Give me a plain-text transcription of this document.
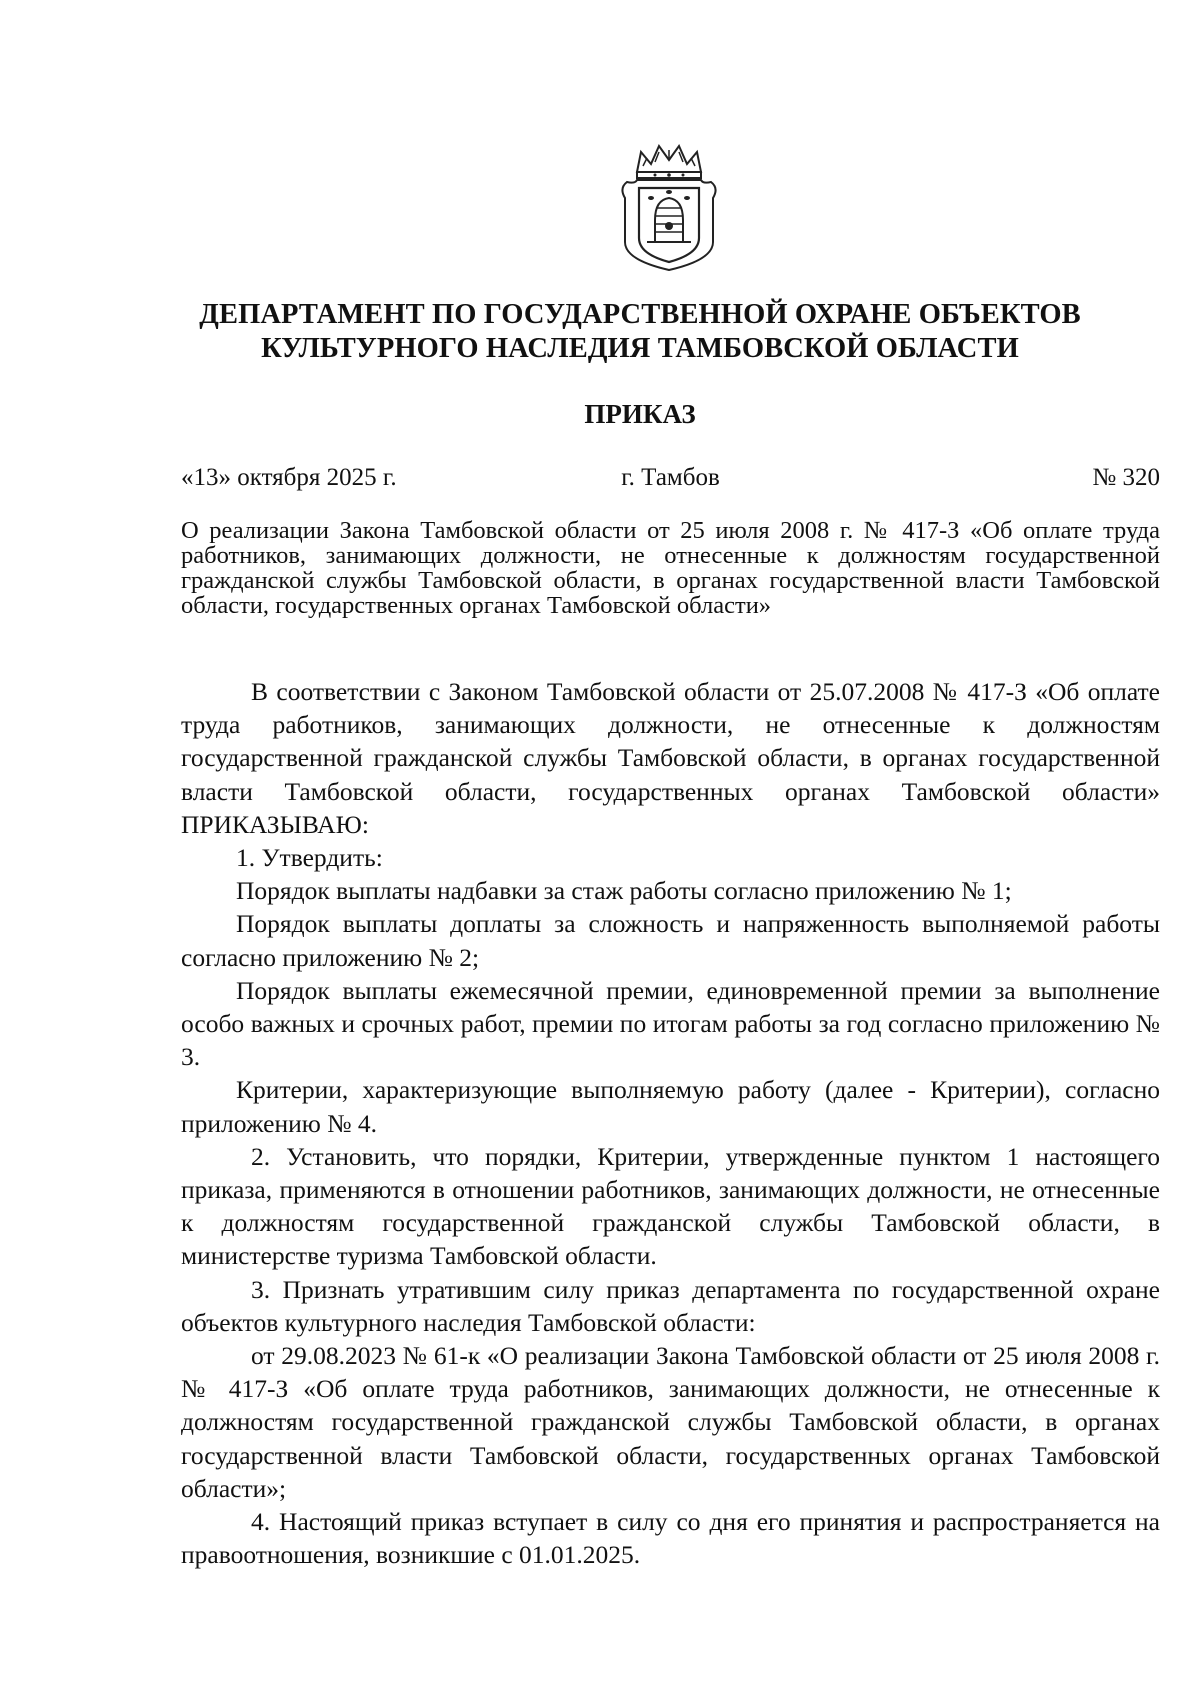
ДЕПАРТАМЕНТ ПО ГОСУДАРСТВЕННОЙ ОХРАНЕ ОБЪЕКТОВ
КУЛЬТУРНОГО НАСЛЕДИЯ ТАМБОВСКОЙ ОБЛАСТИ
ПРИКАЗ
г. Тамбов
«13» октября 2025 г.	№ 320
О реализации Закона Тамбовской области от 25 июля 2008 г. № 417-З «Об оплате труда работников, занимающих должности, не отнесенные к должностям государственной гражданской службы Тамбовской области, в органах государственной власти Тамбовской области, государственных органах Тамбовской области»

В соответствии с Законом Тамбовской области от 25.07.2008 № 417-З «Об оплате труда работников, занимающих должности, не отнесенные к должностям государственной гражданской службы Тамбовской области, в органах государственной власти Тамбовской области, государственных органах Тамбовской области» ПРИКАЗЫВАЮ:

1. Утвердить:

Порядок выплаты надбавки за стаж работы согласно приложению № 1;

Порядок выплаты доплаты за сложность и напряженность выполняемой работы согласно приложению № 2;

Порядок выплаты ежемесячной премии, единовременной премии за выполнение особо важных и срочных работ, премии по итогам работы за год согласно приложению № 3.

Критерии, характеризующие выполняемую работу (далее - Критерии), согласно приложению № 4.

2. Установить, что порядки, Критерии, утвержденные пунктом 1 настоящего приказа, применяются в отношении работников, занимающих должности, не отнесенные к должностям государственной гражданской службы Тамбовской области, в министерстве туризма Тамбовской области.

3. Признать утратившим силу приказ департамента по государственной охране объектов культурного наследия Тамбовской области:

от 29.08.2023 № 61-к «О реализации Закона Тамбовской области от 25 июля 2008 г. № 417-З «Об оплате труда работников, занимающих должности, не отнесенные к должностям государственной гражданской службы Тамбовской области, в органах государственной власти Тамбовской области, государственных органах Тамбовской области»;

4. Настоящий приказ вступает в силу со дня его принятия и распространяется на правоотношения, возникшие с 01.01.2025.
